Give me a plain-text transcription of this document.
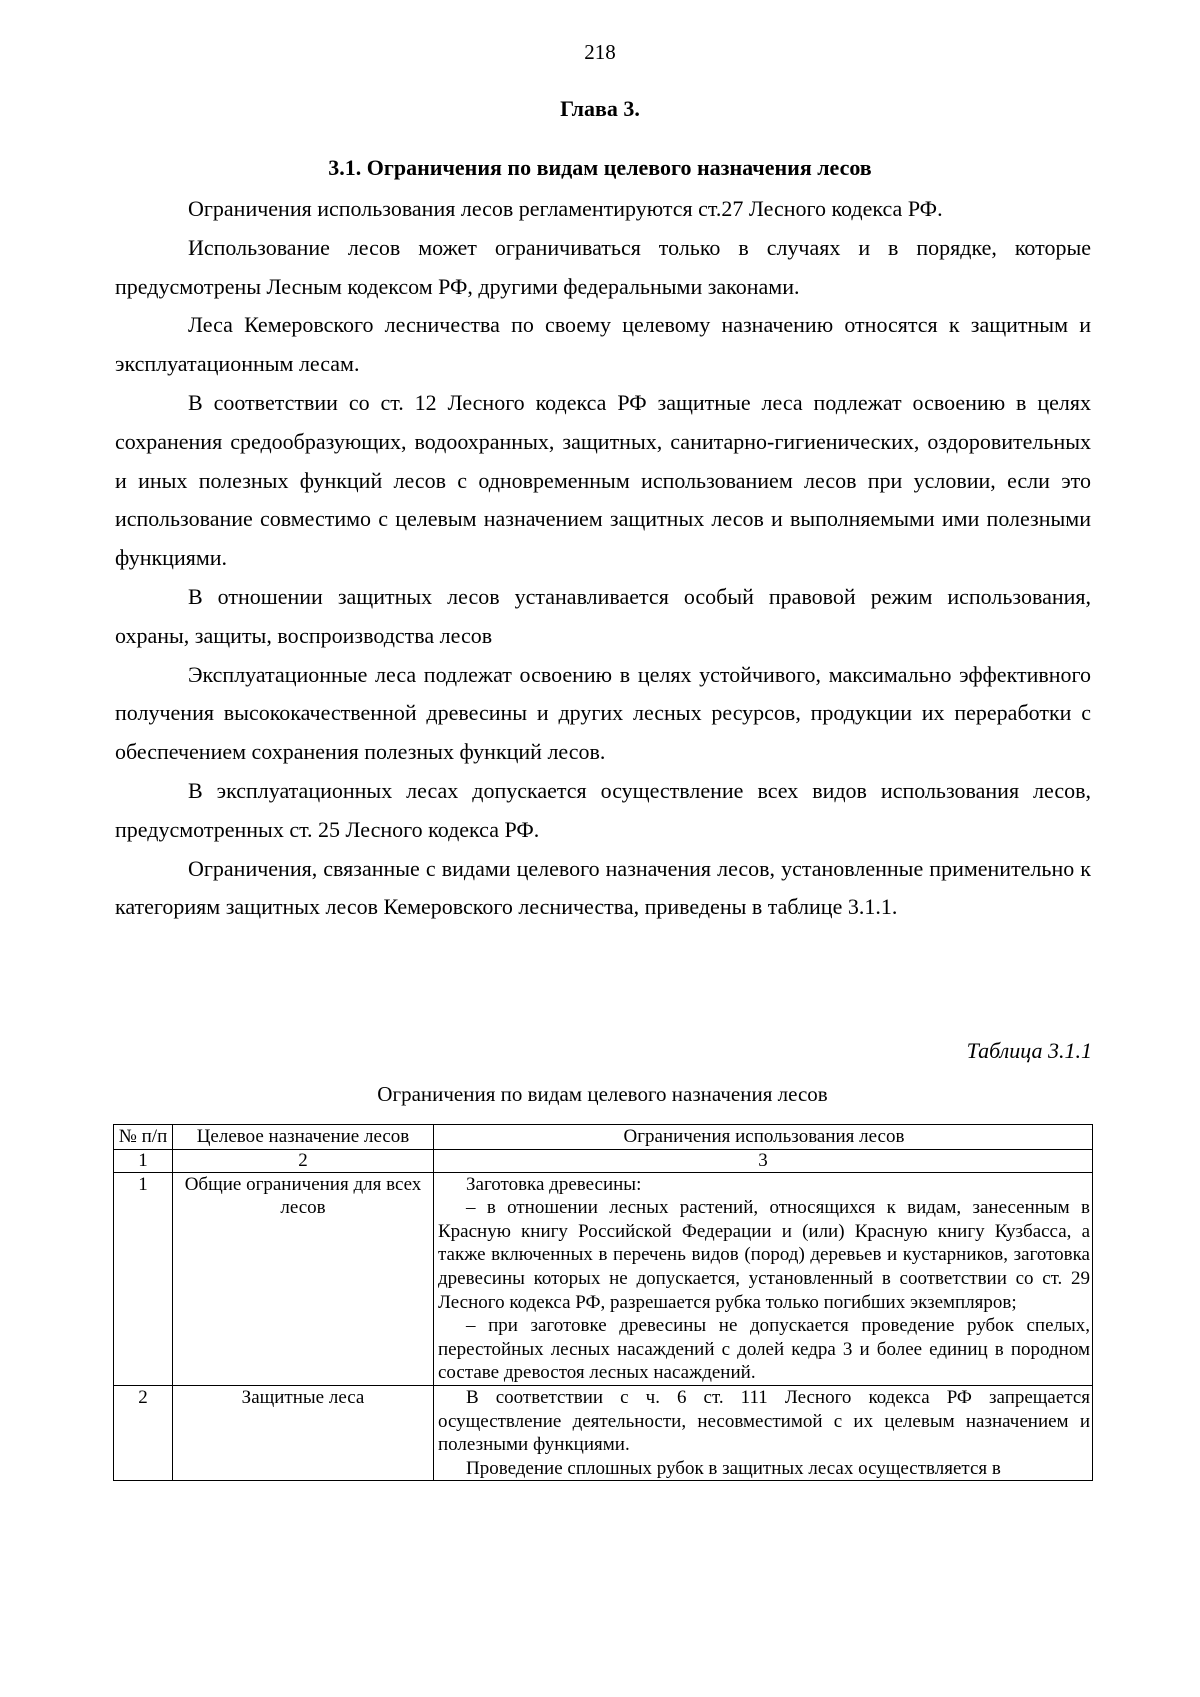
218
Глава 3.
3.1. Ограничения по видам целевого назначения лесов

Ограничения использования лесов регламентируются ст.27 Лесного кодекса РФ.

Использование лесов может ограничиваться только в случаях и в порядке, которые предусмотрены Лесным кодексом РФ, другими федеральными законами.

Леса Кемеровского лесничества по своему целевому назначению относятся к защитным и эксплуатационным лесам.

В соответствии со ст. 12 Лесного кодекса РФ защитные леса подлежат освоению в целях сохранения средообразующих, водоохранных, защитных, санитарно-гигиенических, оздоровительных и иных полезных функций лесов с одновременным использованием лесов при условии, если это использование совместимо с целевым назначением защитных лесов и выполняемыми ими полезными функциями.

В отношении защитных лесов устанавливается особый правовой режим использования, охраны, защиты, воспроизводства лесов

Эксплуатационные леса подлежат освоению в целях устойчивого, максимально эффективного получения высококачественной древесины и других лесных ресурсов, продукции их переработки с обеспечением сохранения полезных функций лесов.

В эксплуатационных лесах допускается осуществление всех видов использования лесов, предусмотренных ст. 25 Лесного кодекса РФ.

Ограничения, связанные с видами целевого назначения лесов, установленные применительно к категориям защитных лесов Кемеровского лесничества, приведены в таблице 3.1.1.

Таблица 3.1.1
Ограничения по видам целевого назначения лесов
№ п/п	Целевое назначение лесов	Ограничения использования лесов
1	2	3
1	Общие ограничения для всех лесов	Заготовка древесины:
– в отношении лесных растений, относящихся к видам, занесенным в Красную книгу Российской Федерации и (или) Красную книгу Кузбасса, а также включенных в перечень видов (пород) деревьев и кустарников, заготовка древесины которых не допускается, установленный в соответствии со ст. 29 Лесного кодекса РФ, разрешается рубка только погибших экземпляров;
– при заготовке древесины не допускается проведение рубок спелых, перестойных лесных насаждений с долей кедра 3 и более единиц в породном составе древостоя лесных насаждений.

2	Защитные леса	В соответствии с ч. 6 ст. 111 Лесного кодекса РФ запрещается осуществление деятельности, несовместимой с их целевым назначением и полезными функциями.
Проведение сплошных рубок в защитных лесах осуществляется в
